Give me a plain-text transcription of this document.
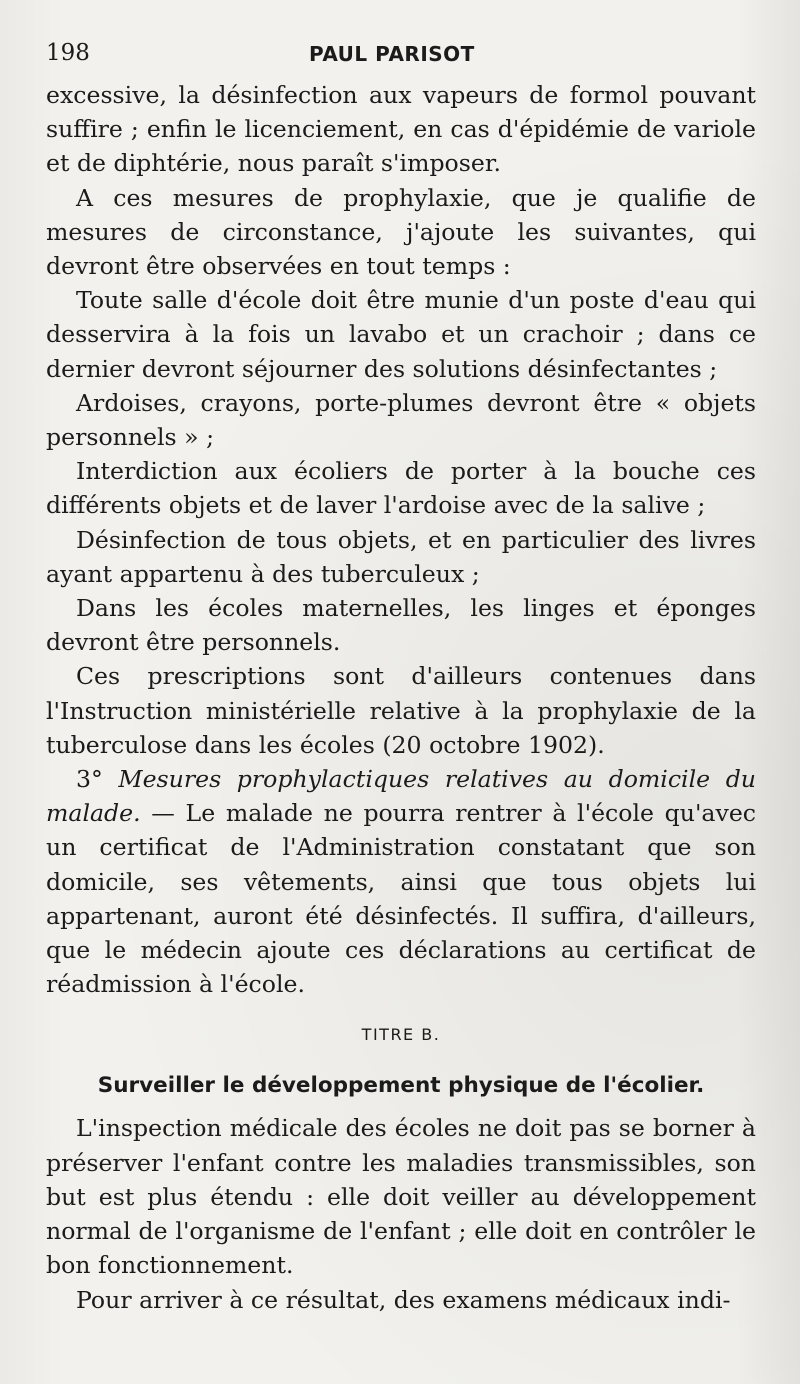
198	PAUL PARISOT

excessive, la désinfection aux vapeurs de formol pouvant suffire ; enfin le licenciement, en cas d'épidémie de variole et de diphtérie, nous paraît s'imposer.

A ces mesures de prophylaxie, que je qualifie de mesures de circonstance, j'ajoute les suivantes, qui devront être observées en tout temps :

Toute salle d'école doit être munie d'un poste d'eau qui desservira à la fois un lavabo et un crachoir ; dans ce dernier devront séjourner des solutions désinfectantes ;

Ardoises, crayons, porte-plumes devront être « objets personnels » ;

Interdiction aux écoliers de porter à la bouche ces différents objets et de laver l'ardoise avec de la salive ;

Désinfection de tous objets, et en particulier des livres ayant appartenu à des tuberculeux ;

Dans les écoles maternelles, les linges et éponges devront être personnels.

Ces prescriptions sont d'ailleurs contenues dans l'Instruction ministérielle relative à la prophylaxie de la tuberculose dans les écoles (20 octobre 1902).

3° Mesures prophylactiques relatives au domicile du malade. — Le malade ne pourra rentrer à l'école qu'avec un certificat de l'Administration constatant que son domicile, ses vêtements, ainsi que tous objets lui appartenant, auront été désinfectés. Il suffira, d'ailleurs, que le médecin ajoute ces déclarations au certificat de réadmission à l'école.

TITRE B.

Surveiller le développement physique de l'écolier.

L'inspection médicale des écoles ne doit pas se borner à préserver l'enfant contre les maladies transmissibles, son but est plus étendu : elle doit veiller au développement normal de l'organisme de l'enfant ; elle doit en contrôler le bon fonctionnement.

Pour arriver à ce résultat, des examens médicaux indi-
